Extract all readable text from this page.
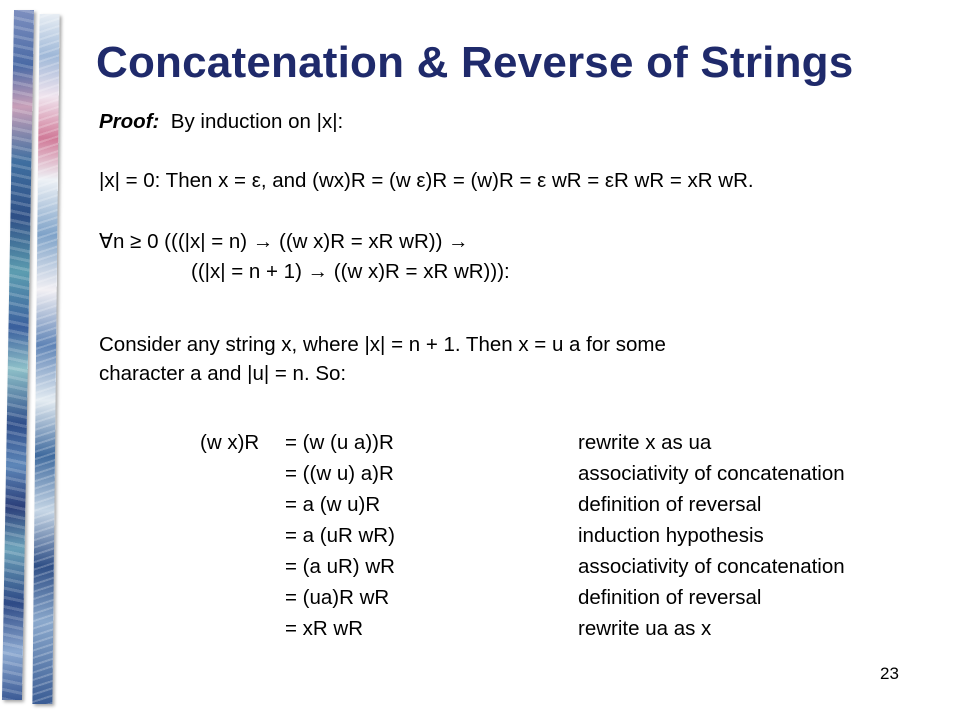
Concatenation & Reverse of Strings
Proof: By induction on |x|:
|x| = 0: Then x = ε, and (wx)R = (w ε)R = (w)R = ε wR = εR wR = xR wR.
∀n ≥ 0 (((|x| = n) → ((w x)R = xR wR)) →
((|x| = n + 1) → ((w x)R = xR wR))):
Consider any string x, where |x| = n + 1. Then x = u a for some
character a and |u| = n. So:
(w x)R = (w (u a))R	rewrite x as ua
= ((w u) a)R	associativity of concatenation
= a (w u)R	definition of reversal
= a (uR wR)	induction hypothesis
= (a uR) wR	associativity of concatenation
= (ua)R wR	definition of reversal
= xR wR	rewrite ua as x
23
